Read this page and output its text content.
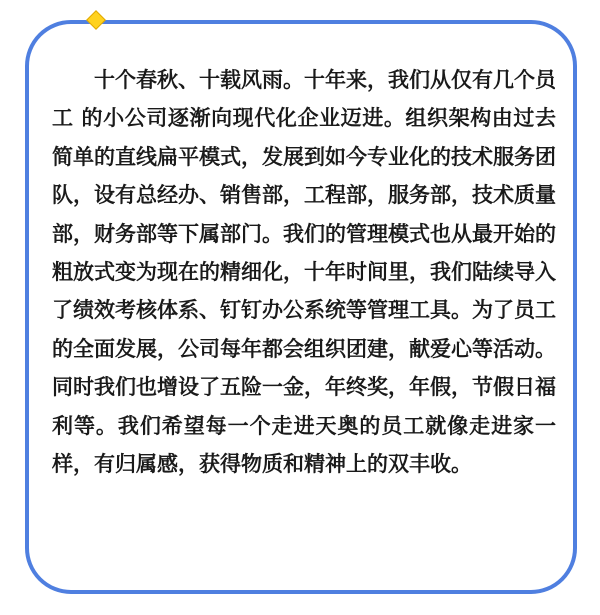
十个春秋、十载风雨。十年来，我们从仅有几个员工 的小公司逐渐向现代化企业迈进。组织架构由过去简单的直线扁平模式，发展到如今专业化的技术服务团队，设有总经办、销售部，工程部，服务部，技术质量部，财务部等下属部门。我们的管理模式也从最开始的粗放式变为现在的精细化，十年时间里，我们陆续导入了绩效考核体系、钉钉办公系统等管理工具。为了员工的全面发展，公司每年都会组织团建，献爱心等活动。同时我们也增设了五险一金，年终奖，年假，节假日福利等。我们希望每一个走进天奥的员工就像走进家一样，有归属感，获得物质和精神上的双丰收。
